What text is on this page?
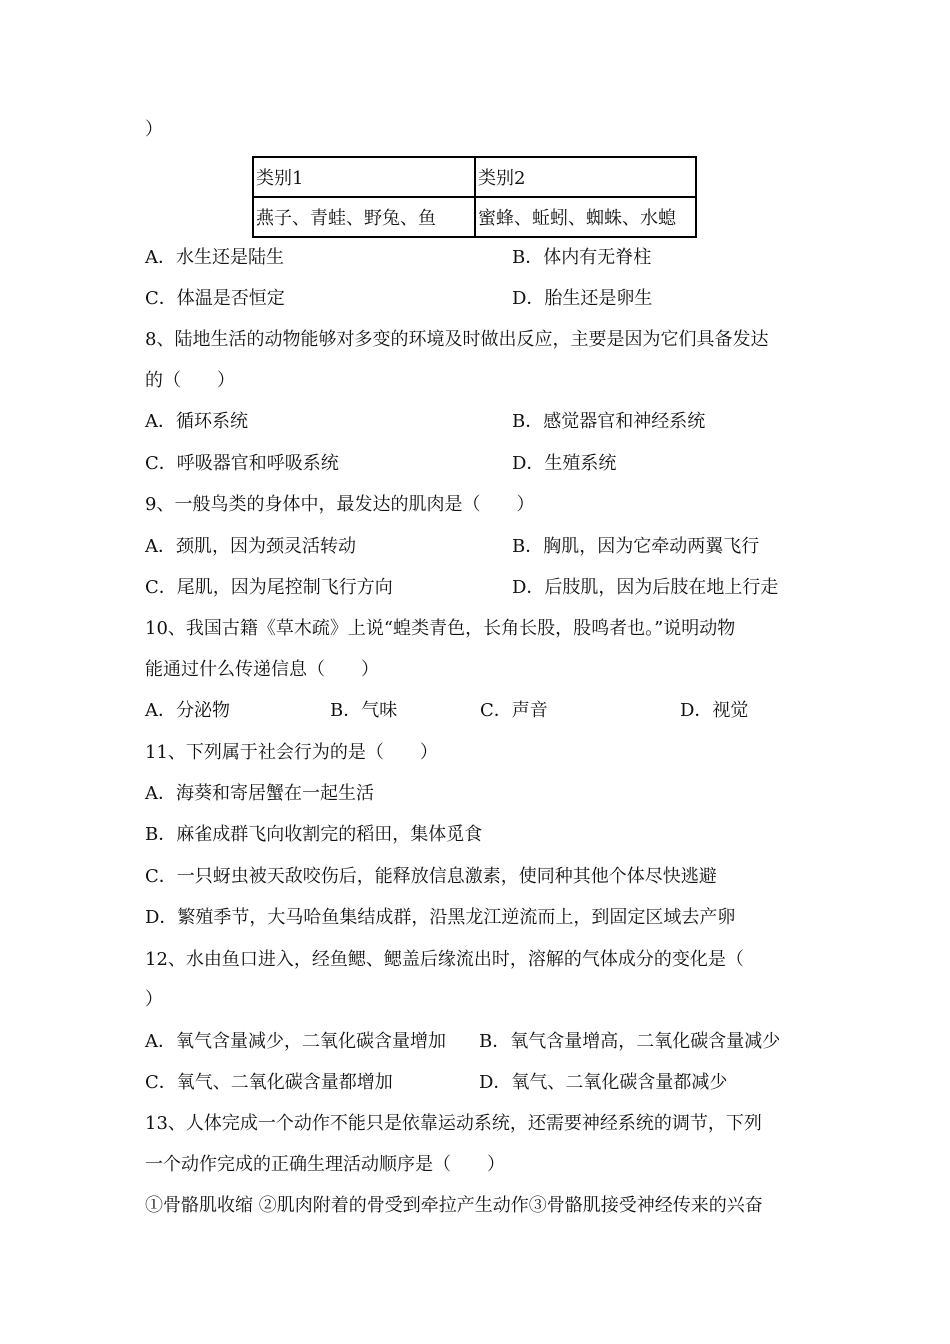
）
类别1	类别2
燕子、青蛙、野兔、鱼	蜜蜂、蚯蚓、蜘蛛、水螅
A．水生还是陆生	B．体内有无脊柱
C．体温是否恒定	D．胎生还是卵生
8、陆地生活的动物能够对多变的环境及时做出反应，主要是因为它们具备发达
的（　　）
A．循环系统	B．感觉器官和神经系统
C．呼吸器官和呼吸系统	D．生殖系统
9、一般鸟类的身体中，最发达的肌肉是（　　）
A．颈肌，因为颈灵活转动	B．胸肌，因为它牵动两翼飞行
C．尾肌，因为尾控制飞行方向	D．后肢肌，因为后肢在地上行走
10、我国古籍《草木疏》上说“蝗类青色，长角长股，股鸣者也。”说明动物
能通过什么传递信息（　　）
A．分泌物	B．气味	C．声音	D．视觉
11、下列属于社会行为的是（　　）
A．海葵和寄居蟹在一起生活
B．麻雀成群飞向收割完的稻田，集体觅食
C．一只蚜虫被天敌咬伤后，能释放信息激素，使同种其他个体尽快逃避
D．繁殖季节，大马哈鱼集结成群，沿黑龙江逆流而上，到固定区域去产卵
12、水由鱼口进入，经鱼鳃、鳃盖后缘流出时，溶解的气体成分的变化是（
）
A．氧气含量减少，二氧化碳含量增加 B．氧气含量增高，二氧化碳含量减少
C．氧气、二氧化碳含量都增加	D．氧气、二氧化碳含量都减少
13、人体完成一个动作不能只是依靠运动系统，还需要神经系统的调节，下列
一个动作完成的正确生理活动顺序是（　　）
①骨骼肌收缩 ②肌肉附着的骨受到牵拉产生动作③骨骼肌接受神经传来的兴奋
